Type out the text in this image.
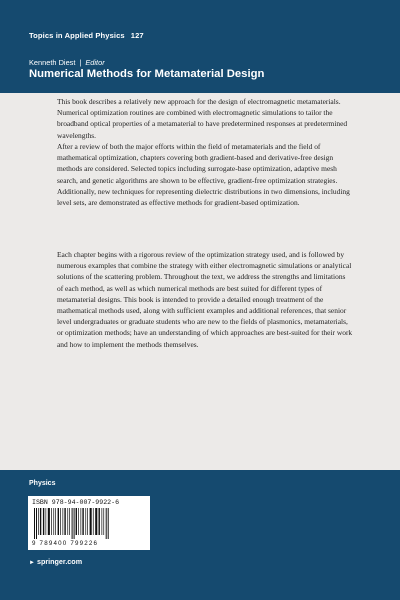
Topics in Applied Physics 127
Kenneth Diest | Editor
Numerical Methods for Metamaterial Design

This book describes a relatively new approach for the design of electromagnetic metamaterials. Numerical optimization routines are combined with electromagnetic simulations to tailor the broadband optical properties of a metamaterial to have predetermined responses at predetermined wavelengths.

After a review of both the major efforts within the field of metamaterials and the field of mathematical optimization, chapters covering both gradient-based and derivative-free design methods are considered. Selected topics including surrogate-base optimization, adaptive mesh search, and genetic algorithms are shown to be effective, gradient-free optimization strategies. Additionally, new techniques for representing dielectric distributions in two dimensions, including level sets, are demonstrated as effective methods for gradient-based optimization.

Each chapter begins with a rigorous review of the optimization strategy used, and is followed by numerous examples that combine the strategy with either electromagnetic simulations or analytical solutions of the scattering problem. Throughout the text, we address the strengths and limitations of each method, as well as which numerical methods are best suited for different types of metamaterial designs. This book is intended to provide a detailed enough treatment of the mathematical methods used, along with sufficient examples and additional references, that senior level undergraduates or graduate students who are new to the fields of plasmonics, metamaterials, or optimization methods; have an understanding of which approaches are best-suited for their work and how to implement the methods themselves.

Physics
ISBN 978-94-007-9922-6
9 789400 799226
► springer.com
